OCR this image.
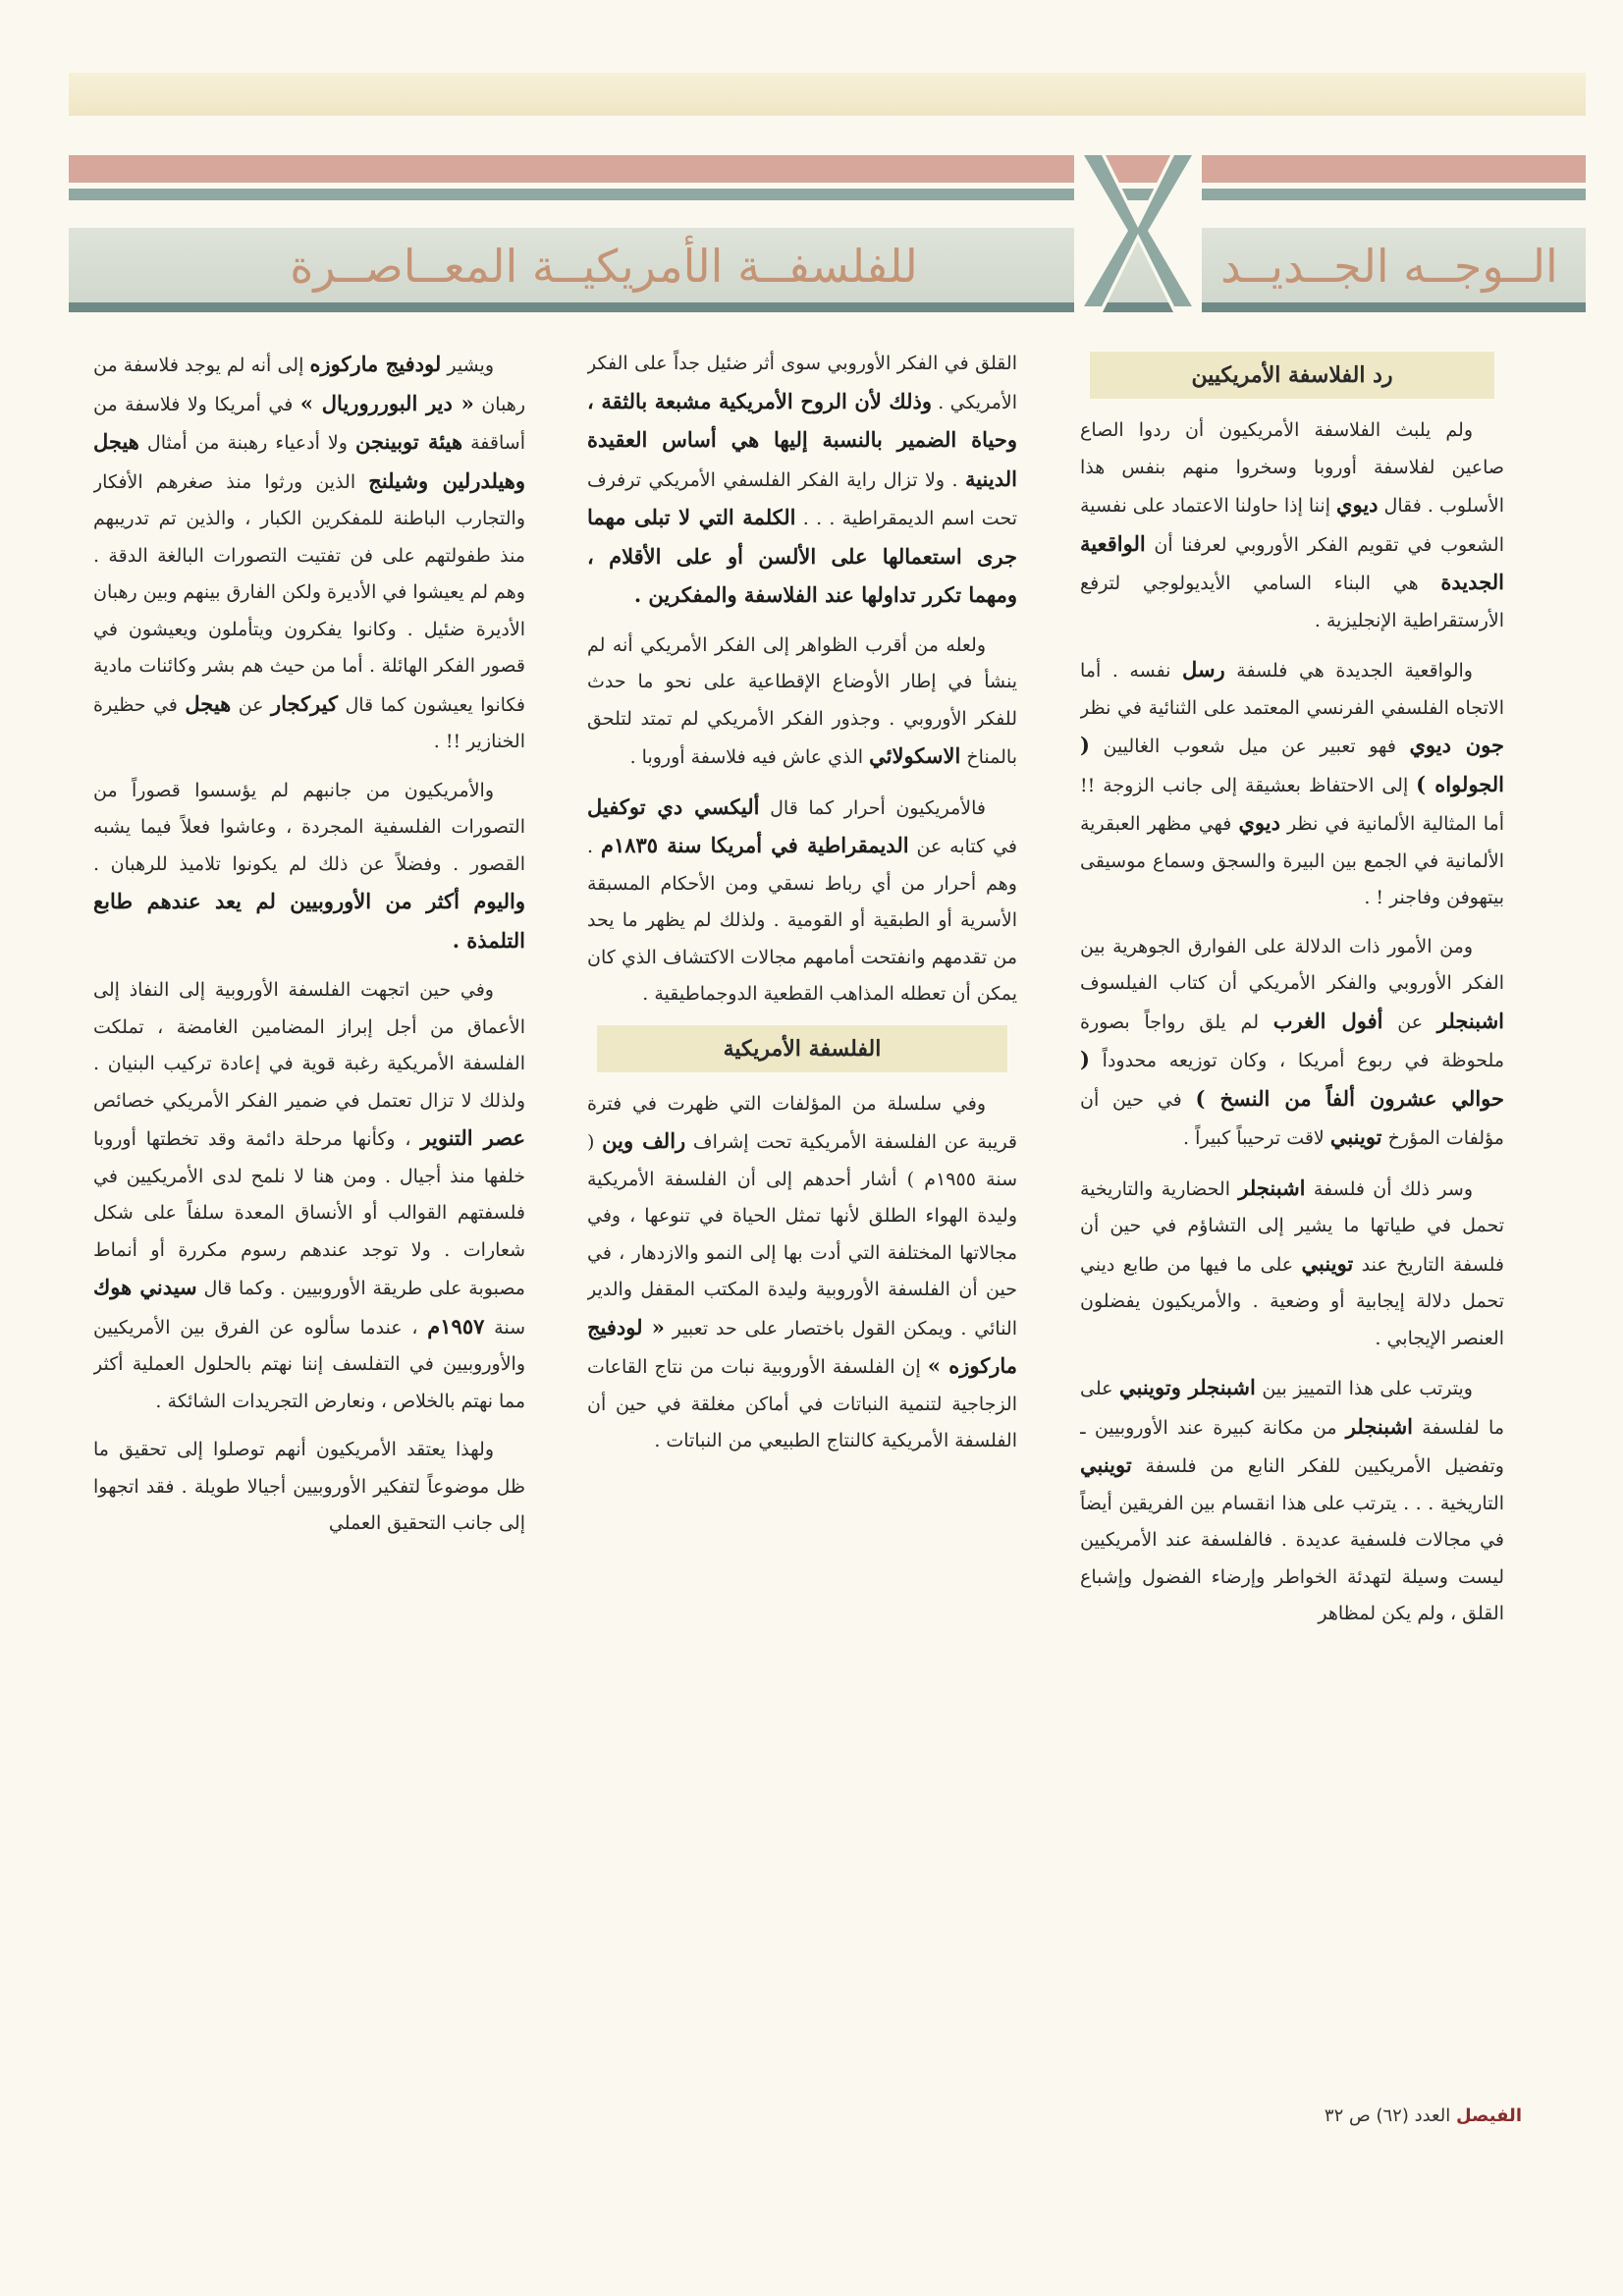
الــوجــه الجــديــد
للفلسفــة الأمريكيــة المعــاصــرة
رد الفلاسفة الأمريكيين

ولم يلبث الفلاسفة الأمريكيون أن ردوا الصاع صاعين لفلاسفة أوروبا وسخروا منهم بنفس هذا الأسلوب . فقال ديوي إننا إذا حاولنا الاعتماد على نفسية الشعوب في تقويم الفكر الأوروبي لعرفنا أن الواقعية الجديدة هي البناء السامي الأيديولوجي لترفع الأرستقراطية الإنجليزية .

والواقعية الجديدة هي فلسفة رسل نفسه . أما الاتجاه الفلسفي الفرنسي المعتمد على الثنائية في نظر جون ديوي فهو تعبير عن ميل شعوب الغاليين ( الجولواه ) إلى الاحتفاظ بعشيقة إلى جانب الزوجة !! أما المثالية الألمانية في نظر ديوي فهي مظهر العبقرية الألمانية في الجمع بين البيرة والسجق وسماع موسيقى بيتهوفن وفاجنر ! .

ومن الأمور ذات الدلالة على الفوارق الجوهرية بين الفكر الأوروبي والفكر الأمريكي أن كتاب الفيلسوف اشبنجلر عن أفول الغرب لم يلق رواجاً بصورة ملحوظة في ربوع أمريكا ، وكان توزيعه محدوداً ( حوالي عشرون ألفاً من النسخ ) في حين أن مؤلفات المؤرخ توينبي لاقت ترحيباً كبيراً .

وسر ذلك أن فلسفة اشبنجلر الحضارية والتاريخية تحمل في طياتها ما يشير إلى التشاؤم في حين أن فلسفة التاريخ عند توينبي على ما فيها من طابع ديني تحمل دلالة إيجابية أو وضعية . والأمريكيون يفضلون العنصر الإيجابي .

ويترتب على هذا التمييز بين اشبنجلر وتوينبي على ما لفلسفة اشبنجلر من مكانة كبيرة عند الأوروبيين ـ وتفضيل الأمريكيين للفكر النابع من فلسفة توينبي التاريخية . . . يترتب على هذا انقسام بين الفريقين أيضاً في مجالات فلسفية عديدة . فالفلسفة عند الأمريكيين ليست وسيلة لتهدئة الخواطر وإرضاء الفضول وإشباع القلق ، ولم يكن لمظاهر

القلق في الفكر الأوروبي سوى أثر ضئيل جداً على الفكر الأمريكي . وذلك لأن الروح الأمريكية مشبعة بالثقة ، وحياة الضمير بالنسبة إليها هي أساس العقيدة الدينية . ولا تزال راية الفكر الفلسفي الأمريكي ترفرف تحت اسم الديمقراطية . . . الكلمة التي لا تبلى مهما جرى استعمالها على الألسن أو على الأقلام ، ومهما تكرر تداولها عند الفلاسفة والمفكرين .

ولعله من أقرب الظواهر إلى الفكر الأمريكي أنه لم ينشأ في إطار الأوضاع الإقطاعية على نحو ما حدث للفكر الأوروبي . وجذور الفكر الأمريكي لم تمتد لتلحق بالمناخ الاسكولائي الذي عاش فيه فلاسفة أوروبا .

فالأمريكيون أحرار كما قال أليكسي دي توكفيل في كتابه عن الديمقراطية في أمريكا سنة ١٨٣٥م . وهم أحرار من أي رباط نسقي ومن الأحكام المسبقة الأسرية أو الطبقية أو القومية . ولذلك لم يظهر ما يحد من تقدمهم وانفتحت أمامهم مجالات الاكتشاف الذي كان يمكن أن تعطله المذاهب القطعية الدوجماطيقية .

الفلسفة الأمريكية

وفي سلسلة من المؤلفات التي ظهرت في فترة قريبة عن الفلسفة الأمريكية تحت إشراف رالف وين ( سنة ١٩٥٥م ) أشار أحدهم إلى أن الفلسفة الأمريكية وليدة الهواء الطلق لأنها تمثل الحياة في تنوعها ، وفي مجالاتها المختلفة التي أدت بها إلى النمو والازدهار ، في حين أن الفلسفة الأوروبية وليدة المكتب المقفل والدير النائي . ويمكن القول باختصار على حد تعبير « لودفيج ماركوزه » إن الفلسفة الأوروبية نبات من نتاج القاعات الزجاجية لتنمية النباتات في أماكن مغلقة في حين أن الفلسفة الأمريكية كالنتاج الطبيعي من النباتات .

ويشير لودفيج ماركوزه إلى أنه لم يوجد فلاسفة من رهبان « دير البورروريال » في أمريكا ولا فلاسفة من أساقفة هيئة توبينجن ولا أدعياء رهبنة من أمثال هيجل وهيلدرلين وشيلنج الذين ورثوا منذ صغرهم الأفكار والتجارب الباطنة للمفكرين الكبار ، والذين تم تدريبهم منذ طفولتهم على فن تفتيت التصورات البالغة الدقة . وهم لم يعيشوا في الأديرة ولكن الفارق بينهم وبين رهبان الأديرة ضئيل . وكانوا يفكرون ويتأملون ويعيشون في قصور الفكر الهائلة . أما من حيث هم بشر وكائنات مادية فكانوا يعيشون كما قال كيركجار عن هيجل في حظيرة الخنازير !! .

والأمريكيون من جانبهم لم يؤسسوا قصوراً من التصورات الفلسفية المجردة ، وعاشوا فعلاً فيما يشبه القصور . وفضلاً عن ذلك لم يكونوا تلاميذ للرهبان . واليوم أكثر من الأوروبيين لم يعد عندهم طابع التلمذة .

وفي حين اتجهت الفلسفة الأوروبية إلى النفاذ إلى الأعماق من أجل إبراز المضامين الغامضة ، تملكت الفلسفة الأمريكية رغبة قوية في إعادة تركيب البنيان . ولذلك لا تزال تعتمل في ضمير الفكر الأمريكي خصائص عصر التنوير ، وكأنها مرحلة دائمة وقد تخطتها أوروبا خلفها منذ أجيال . ومن هنا لا نلمح لدى الأمريكيين في فلسفتهم القوالب أو الأنساق المعدة سلفاً على شكل شعارات . ولا توجد عندهم رسوم مكررة أو أنماط مصبوبة على طريقة الأوروبيين . وكما قال سيدني هوك سنة ١٩٥٧م ، عندما سألوه عن الفرق بين الأمريكيين والأوروبيين في التفلسف إننا نهتم بالحلول العملية أكثر مما نهتم بالخلاص ، ونعارض التجريدات الشائكة .

ولهذا يعتقد الأمريكيون أنهم توصلوا إلى تحقيق ما ظل موضوعاً لتفكير الأوروبيين أجيالا طويلة . فقد اتجهوا إلى جانب التحقيق العملي

الفيصل العدد (٦٢) ص ٣٢
